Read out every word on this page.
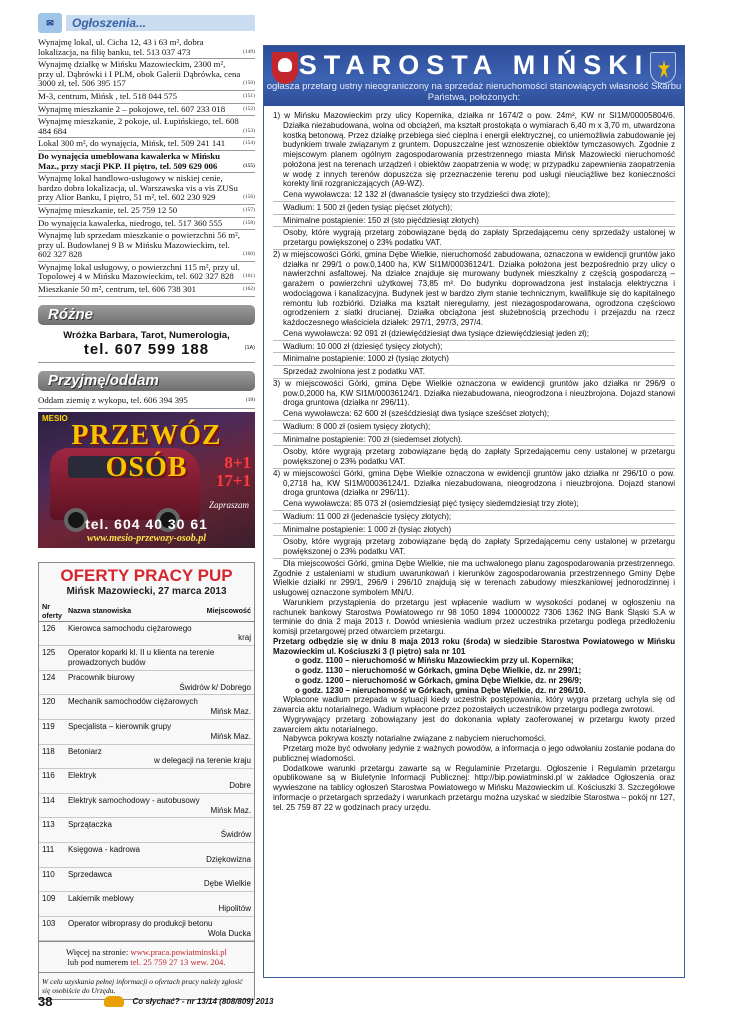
✉	Ogłoszenia...
Wynajmę lokal, ul. Cicha 12, 43 i 63 m², dobra lokalizacja, na filię banku, tel. 513 037 473	(149)
Wynajmę działkę w Mińsku Mazowieckim, 2300 m², przy ul. Dąbrówki i I PLM, obok Galerii Dąbrówka, cena 3000 zł, tel. 506 395 157	(150)
M-3, centrum, Mińsk , tel. 518 044 575	(151)
Wynajmę mieszkanie 2 – pokojowe, tel. 607 233 018	(152)
Wynajmę mieszkanie, 2 pokoje, ul. Łupińskiego, tel. 608 484 684	(153)
Lokal 300 m², do wynajęcia, Mińsk, tel. 509 241 141	(154)
Do wynajęcia umeblowana kawalerka w Mińsku Maz., przy stacji PKP. II piętro, tel. 509 629 006	(155)
Wynajmę lokal handlowo-usługowy w niskiej cenie, bardzo dobra lokalizacja, ul. Warszawska vis a vis ZUSu przy Alior Banku, I piętro, 51 m², tel. 602 230 929	(156)
Wynajmę mieszkanie, tel. 25 759 12 50	(157)
Do wynajęcia kawalerka, niedrogo, tel. 517 360 555	(158)
Wynajmę lub sprzedam mieszkanie o powierzchni 56 m², przy ul. Budowlanej 9 B w Mińsku Mazowieckim, tel. 602 327 828	(160)
Wynajmę lokal usługowy, o powierzchni 115 m², przy ul. Topolowej 4 w Mińsku Mazowieckim, tel. 602 327 828 (161)
Mieszkanie 50 m², centrum, tel. 606 738 301	(162)
Różne
Wróżka Barbara, Tarot, Numerologia,
tel. 607 599 188	(1A)
Przyjmę/oddam
Oddam ziemię z wykopu, tel. 606 394 395	(18)
MESIO
PRZEWÓZ OSÓB	8+1
17+1
Zapraszam
tel. 604 40 30 61
www.mesio-przewozy-osob.pl
OFERTY PRACY PUP
Mińsk Mazowiecki, 27 marca 2013
Nr oferty	Nazwa stanowiska	Miejscowość
126	Kierowca samochodu ciężarowego
kraj	

125	Operator koparki kl. II u klienta na terenie prowadzonych budów	

124	Pracownik biurowy
Świdrów k/ Dobrego	

120	Mechanik samochodów ciężarowych
Mińsk Maz.	

119	Specjalista – kierownik grupy
Mińsk Maz.	

118	Betoniarz
w delegacji na terenie kraju	

116	Elektryk
Dobre	

114	Elektryk samochodowy - autobusowy
Mińsk Maz.	

113	Sprzątaczka
Świdrów	

111	Księgowa - kadrowa
Dziękowizna	

110	Sprzedawca
Dębe Wielkie	

109	Lakiernik meblowy
Hipolitów	

103	Operator wibroprasy do produkcji betonu
Wola Ducka	
Więcej na stronie: www.praca.powiatminski.pl
lub pod numerem tel. 25 759 27 13 wew. 204.
W celu uzyskania pełnej informacji o ofertach pracy należy zgłosić się osobiście do Urzędu.
STAROSTA MIŃSKI
ogłasza przetarg ustny nieograniczony na sprzedaż nieruchomości stanowiących własność Skarbu Państwa, położonych:

1) w Mińsku Mazowieckim przy ulicy Kopernika, działka nr 1674/2 o pow. 24m², KW nr SI1M/00005804/6. Działka niezabudowana, wolna od obciążeń, ma kształt prostokąta o wymiarach 6,40 m x 3,70 m, utwardzona kostką betonową. Przez działkę przebiega sieć cieplna i energii elektrycznej, co uniemożliwia zabudowanie jej budynkiem trwale związanym z gruntem. Dopuszczalne jest wznoszenie obiektów tymczasowych. Zgodnie z miejscowym planem ogólnym zagospodarowania przestrzennego miasta Mińsk Mazowiecki nieruchomość położona jest na terenach urządzeń i obiektów zaopatrzenia w wodę; w przypadku zapewnienia zaopatrzenia w wodę z innych terenów dopuszcza się przeznaczenie terenu pod usługi nieuciążliwe bez konieczności korekty linii rozgraniczających (A9-WZ).

Cena wywoławcza: 12 132 zł (dwanaście tysięcy sto trzydzieści dwa złote);

Wadium: 1 500 zł (jeden tysiąc pięćset złotych);

Minimalne postąpienie: 150 zł (sto pięćdziesiąt złotych)

Osoby, które wygrają przetarg zobowiązane będą do zapłaty Sprzedającemu ceny sprzedaży ustalonej w przetargu powiększonej o 23% podatku VAT.

2) w miejscowości Górki, gmina Dębe Wielkie, nieruchomość zabudowana, oznaczona w ewidencji gruntów jako działka nr 299/1 o pow.0,1400 ha, KW SI1M/00036124/1. Działka położona jest bezpośrednio przy ulicy o nawierzchni asfaltowej. Na działce znajduje się murowany budynek mieszkalny z częścią gospodarczą – garażem o powierzchni użytkowej 73,85 m². Do budynku doprowadzona jest instalacja elektryczna i wodociągowa i kanalizacyjna. Budynek jest w bardzo złym stanie technicznym, kwalifikuje się do kapitalnego remontu lub rozbiórki. Działka ma kształt nieregularny, jest niezagospodarowana, ogrodzona częściowo ogrodzeniem z siatki drucianej. Działka obciążona jest służebnością przechodu i przejazdu na rzecz każdoczesnego właściciela działek: 297/1, 297/3, 297/4.

Cena wywoławcza: 92 091 zł (dziewięćdziesiąt dwa tysiące dziewięćdziesiąt jeden zł);

Wadium: 10 000 zł (dziesięć tysięcy złotych);

Minimalne postąpienie: 1000 zł (tysiąc złotych)

Sprzedaż zwolniona jest z podatku VAT.

3) w miejscowości Górki, gmina Dębe Wielkie oznaczona w ewidencji gruntów jako działka nr 296/9 o pow.0,2000 ha, KW SI1M/00036124/1. Działka niezabudowana, nieogrodzona i nieuzbrojona. Dojazd stanowi droga gruntowa (działka nr 296/11).

Cena wywoławcza: 62 600 zł (sześćdziesiąt dwa tysiące sześćset złotych);

Wadium: 8 000 zł (osiem tysięcy złotych);

Minimalne postąpienie: 700 zł (siedemset złotych).

Osoby, które wygrają przetarg zobowiązane będą do zapłaty Sprzedającemu ceny ustalonej w przetargu powiększonej o 23% podatku VAT.

4) w miejscowości Górki, gmina Dębe Wielkie oznaczona w ewidencji gruntów jako działka nr 296/10 o pow. 0,2718 ha, KW SI1M/00036124/1. Działka niezabudowana, nieogrodzona i nieuzbrojona. Dojazd stanowi droga gruntowa (działka nr 296/11).

Cena wywoławcza: 85 073 zł (osiemdziesiąt pięć tysięcy siedemdziesiąt trzy złote);

Wadium: 11 000 zł (jedenaście tysięcy złotych);

Minimalne postąpienie: 1 000 zł (tysiąc złotych)

Osoby, które wygrają przetarg zobowiązane będą do zapłaty Sprzedającemu ceny ustalonej w przetargu powiększonej o 23% podatku VAT.

Dla miejscowości Górki, gmina Dębe Wielkie, nie ma uchwalonego planu zagospodarowania przestrzennego. Zgodnie z ustaleniami w studium uwarunkowań i kierunków zagospodarowania przestrzennego Gminy Dębe Wielkie działki nr 299/1, 296/9 i 296/10 znajdują się w terenach zabudowy mieszkaniowej jednorodzinnej i usługowej oznaczone symbolem MN/U.

Warunkiem przystąpienia do przetargu jest wpłacenie wadium w wysokości podanej w ogłoszeniu na rachunek bankowy Starostwa Powiatowego nr 98 1050 1894 10000022 7306 1362 ING Bank Śląski S.A w terminie do dnia 2 maja 2013 r. Dowód wniesienia wadium przez uczestnika przetargu podlega przedłożeniu komisji przetargowej przed otwarciem przetargu.

Przetarg odbędzie się w dniu 8 maja 2013 roku (środa) w siedzibie Starostwa Powiatowego w Mińsku Mazowieckim ul. Kościuszki 3 (I piętro) sala nr 101

o godz. 1100 – nieruchomość w Mińsku Mazowieckim przy ul. Kopernika;

o godz. 1130 – nieruchomość w Górkach, gmina Dębe Wielkie, dz. nr 299/1;

o godz. 1200 – nieruchomość w Górkach, gmina Dębe Wielkie, dz. nr 296/9;

o godz. 1230 – nieruchomość w Górkach, gmina Dębe Wielkie, dz. nr 296/10.

Wpłacone wadium przepada w sytuacji kiedy uczestnik postępowania, który wygra przetarg uchyla się od zawarcia aktu notarialnego. Wadium wpłacone przez pozostałych uczestników przetargu podlega zwrotowi.

Wygrywający przetarg zobowiązany jest do dokonania wpłaty zaoferowanej w przetargu kwoty przed zawarciem aktu notarialnego.

Nabywca pokrywa koszty notarialne związane z nabyciem nieruchomości.

Przetarg może być odwołany jedynie z ważnych powodów, a informacja o jego odwołaniu zostanie podana do publicznej wiadomości.

Dodatkowe warunki przetargu zawarte są w Regulaminie Przetargu. Ogłoszenie i Regulamin przetargu opublikowane są w Biuletynie Informacji Publicznej: http://bip.powiatminski.pl w zakładce Ogłoszenia oraz wywieszone na tablicy ogłoszeń Starostwa Powiatowego w Mińsku Mazowieckim ul. Kościuszki 3. Szczegółowe informacje o przetargach sprzedaży i warunkach przetargu można uzyskać w siedzibie Starostwa – pokój nr 127, tel. 25 759 87 22 w godzinach pracy urzędu.

38	Co słychać? - nr 13/14 (808/809) 2013
